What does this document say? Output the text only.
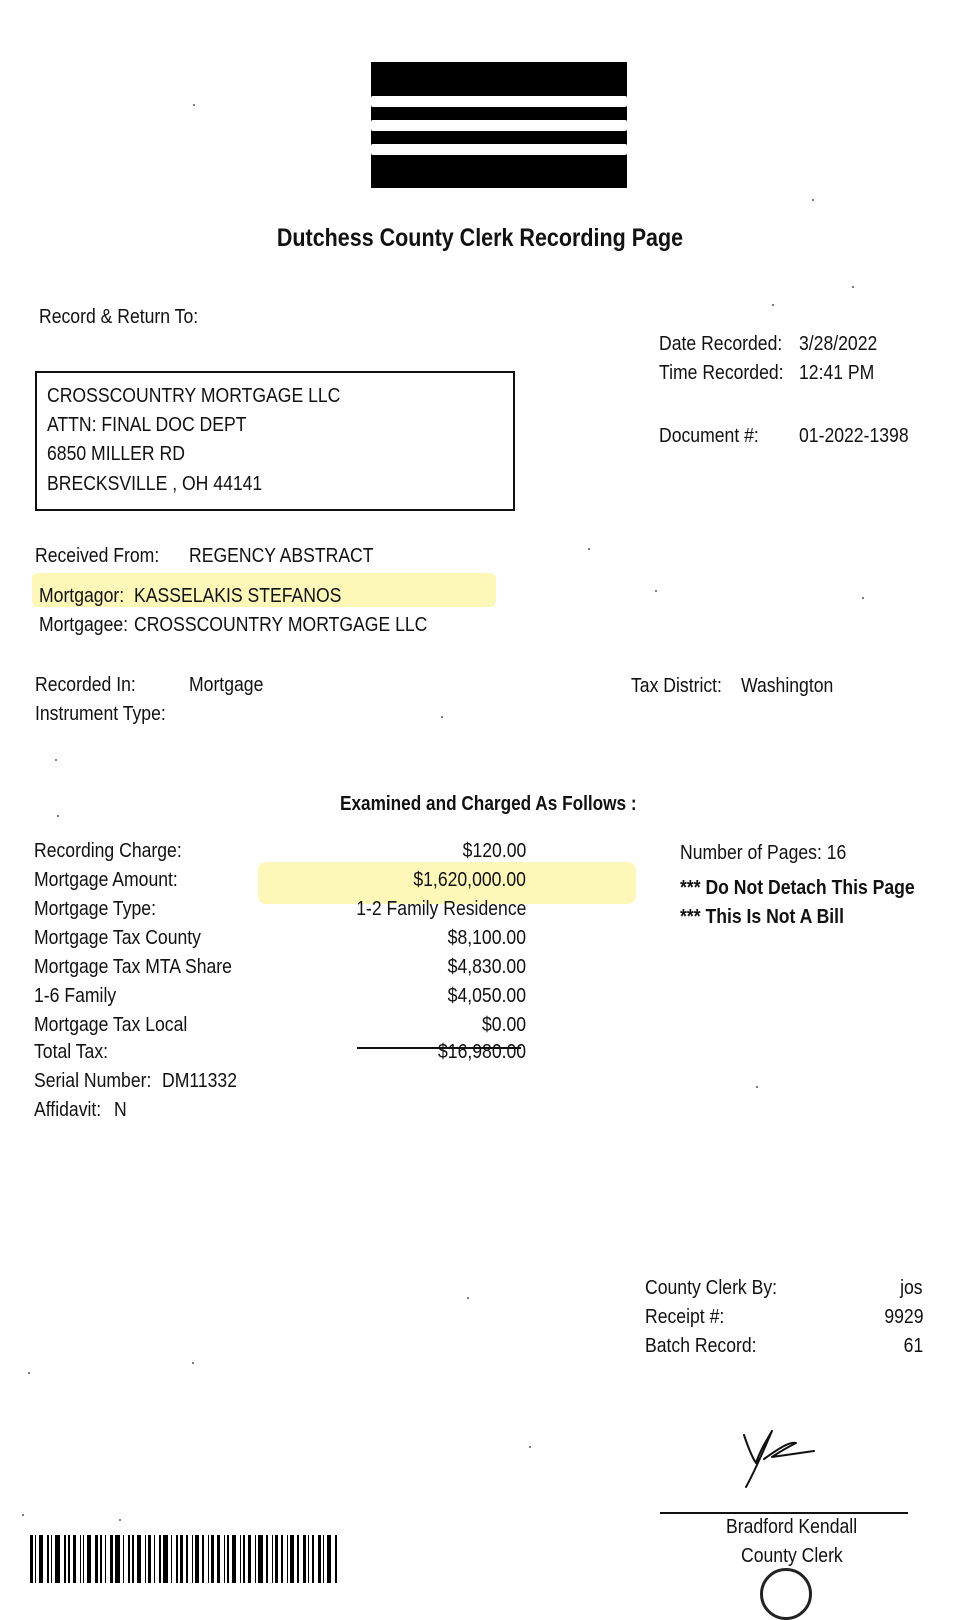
Dutchess County Clerk Recording Page
Record & Return To:
CROSSCOUNTRY MORTGAGE LLC
ATTN: FINAL DOC DEPT
6850 MILLER RD
BRECKSVILLE , OH 44141
Date Recorded: 3/28/2022
Time Recorded: 12:41 PM
Document #: 01-2022-1398
Received From: REGENCY ABSTRACT
Mortgagor: KASSELAKIS STEFANOS
Mortgagee: CROSSCOUNTRY MORTGAGE LLC
Recorded In:	Mortgage
Instrument Type:
Tax District: Washington
Examined and Charged As Follows :
Recording Charge:	$120.00
Mortgage Amount:	$1,620,000.00
Mortgage Type:	1-2 Family Residence
Mortgage Tax County	$8,100.00
Mortgage Tax MTA Share	$4,830.00
1-6 Family	$4,050.00
Mortgage Tax Local	$0.00
Total Tax:	$16,980.00
Serial Number: DM11332
Affidavit: N
Number of Pages: 16
*** Do Not Detach This Page
*** This Is Not A Bill
County Clerk By:	jos
Receipt #:	9929
Batch Record:	61
Bradford Kendall
County Clerk
